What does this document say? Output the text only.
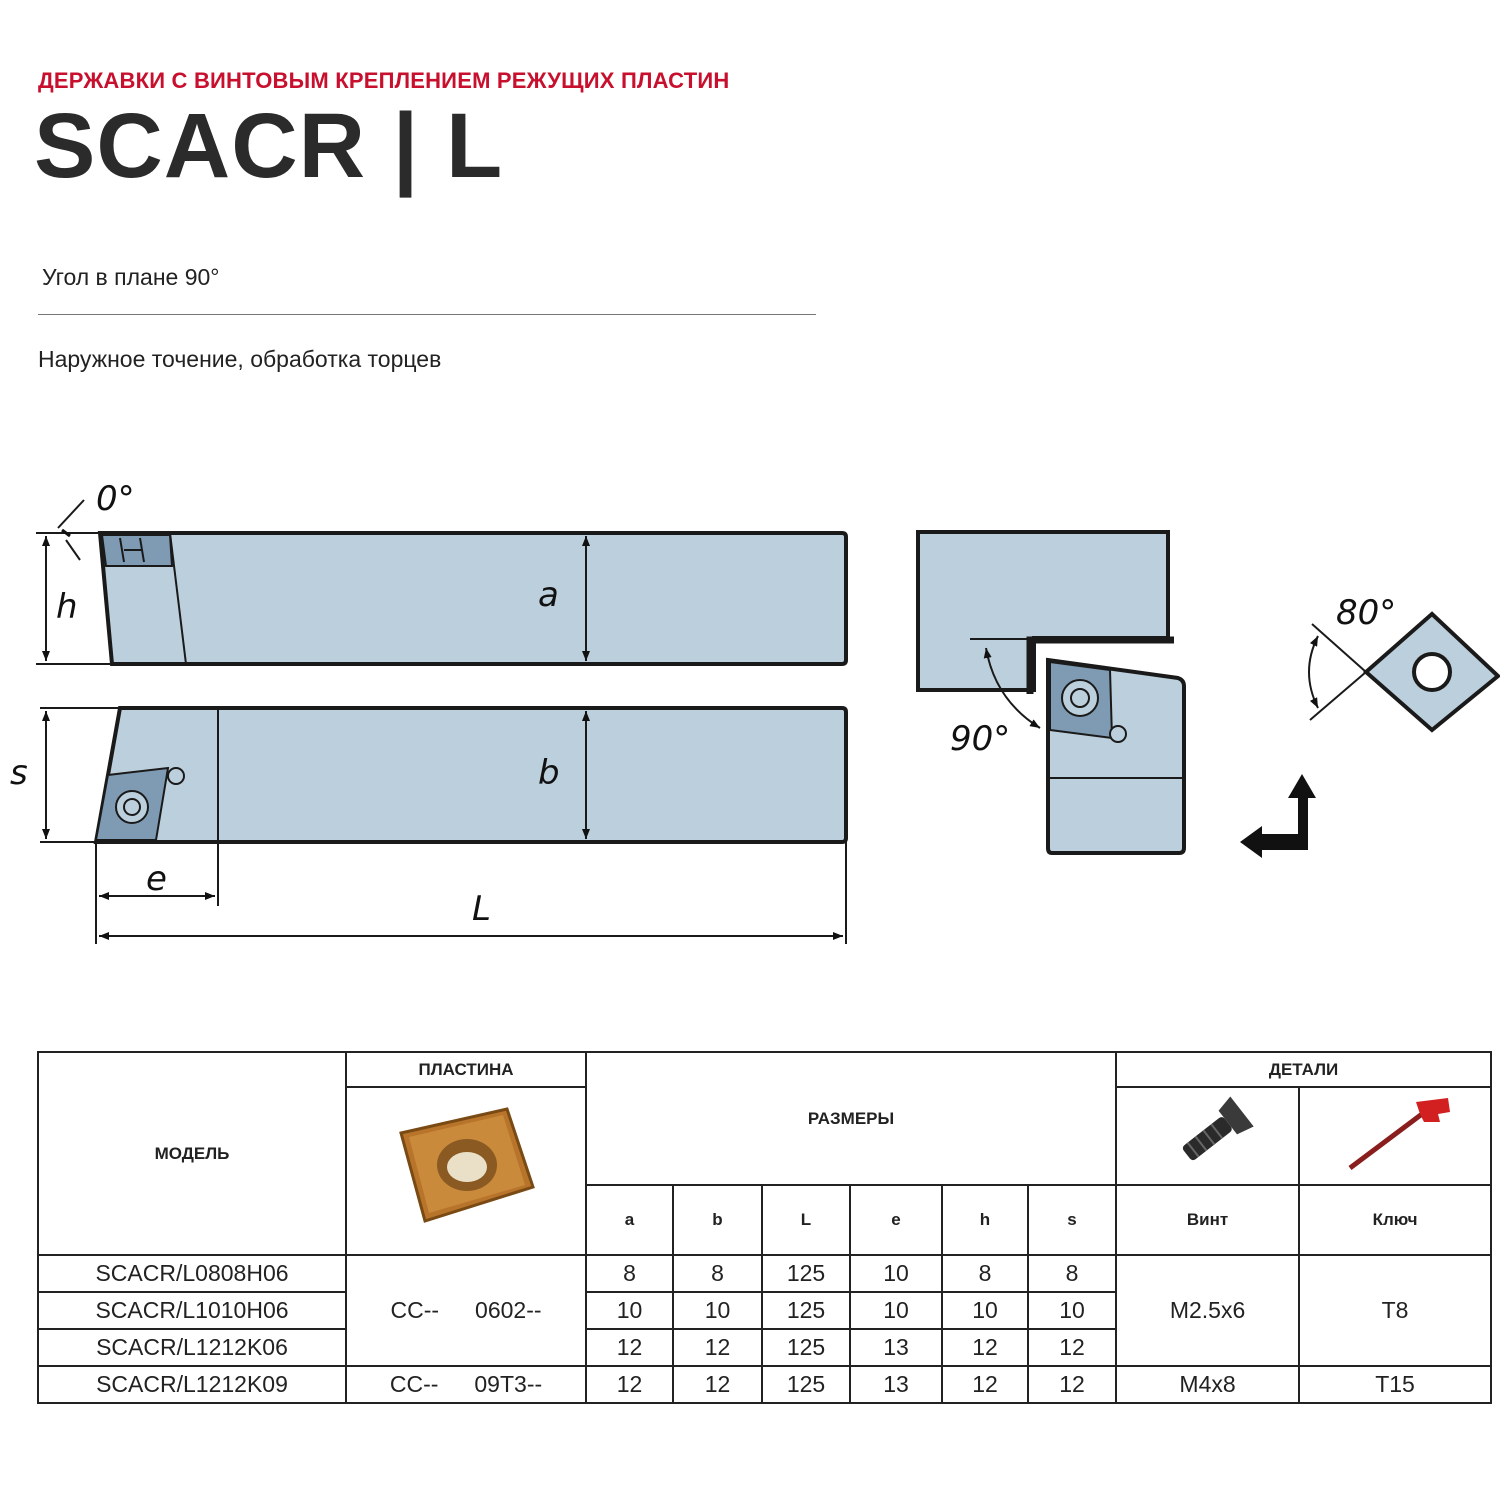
ДЕРЖАВКИ С ВИНТОВЫМ КРЕПЛЕНИЕМ РЕЖУЩИХ ПЛАСТИН
SCACR | L
Угол в плане 90°
Наружное точение, обработка торцев
h
0°
a
s	b
e
L
90°
80°
МОДЕЛЬ	ПЛАСТИНА	РАЗМЕРЫ						ДЕТАЛИ	

		a	b	L	e	h	s	Винт	Ключ
SCACR/L0808H06	CC-- 0602--	8	8	125	10	8	8	M2.5x6	T8
SCACR/L1010H06		10	10	125	10	10	10		
SCACR/L1212K06		12	12	125	13	12	12		
SCACR/L1212K09	CC-- 09T3--	12	12	125	13	12	12	M4x8	T15
